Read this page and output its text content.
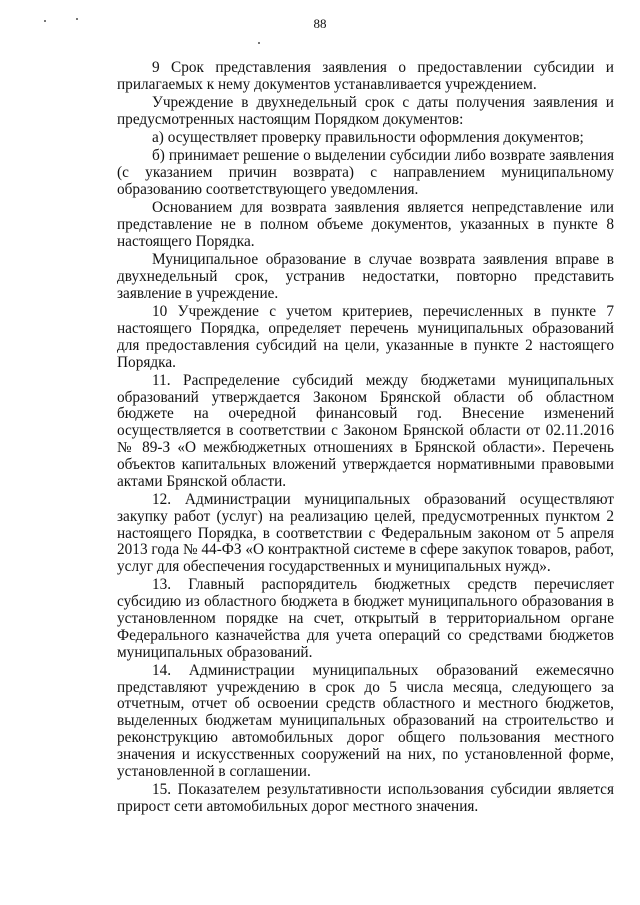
88

9 Срок представления заявления о предоставлении субсидии и прилагаемых к нему документов устанавливается учреждением.

Учреждение в двухнедельный срок с даты получения заявления и предусмотренных настоящим Порядком документов:

а) осуществляет проверку правильности оформления документов;

б) принимает решение о выделении субсидии либо возврате заявления (с указанием причин возврата) с направлением муниципальному образованию соответствующего уведомления.

Основанием для возврата заявления является непредставление или представление не в полном объеме документов, указанных в пункте 8 настоящего Порядка.

Муниципальное образование в случае возврата заявления вправе в двухнедельный срок, устранив недостатки, повторно представить заявление в учреждение.

10 Учреждение с учетом критериев, перечисленных в пункте 7 настоящего Порядка, определяет перечень муниципальных образований для предоставления субсидий на цели, указанные в пункте 2 настоящего Порядка.

11. Распределение субсидий между бюджетами муниципальных образований утверждается Законом Брянской области об областном бюджете на очередной финансовый год. Внесение изменений осуществляется в соответствии с Законом Брянской области от 02.11.2016 № 89-З «О межбюджетных отношениях в Брянской области». Перечень объектов капитальных вложений утверждается нормативными правовыми актами Брянской области.

12. Администрации муниципальных образований осуществляют закупку работ (услуг) на реализацию целей, предусмотренных пунктом 2 настоящего Порядка, в соответствии с Федеральным законом от 5 апреля 2013 года № 44-ФЗ «О контрактной системе в сфере закупок товаров, работ, услуг для обеспечения государственных и муниципальных нужд».

13. Главный распорядитель бюджетных средств перечисляет субсидию из областного бюджета в бюджет муниципального образования в установленном порядке на счет, открытый в территориальном органе Федерального казначейства для учета операций со средствами бюджетов муниципальных образований.

14. Администрации муниципальных образований ежемесячно представляют учреждению в срок до 5 числа месяца, следующего за отчетным, отчет об освоении средств областного и местного бюджетов, выделенных бюджетам муниципальных образований на строительство и реконструкцию автомобильных дорог общего пользования местного значения и искусственных сооружений на них, по установленной форме, установленной в соглашении.

15. Показателем результативности использования субсидии является прирост сети автомобильных дорог местного значения.
